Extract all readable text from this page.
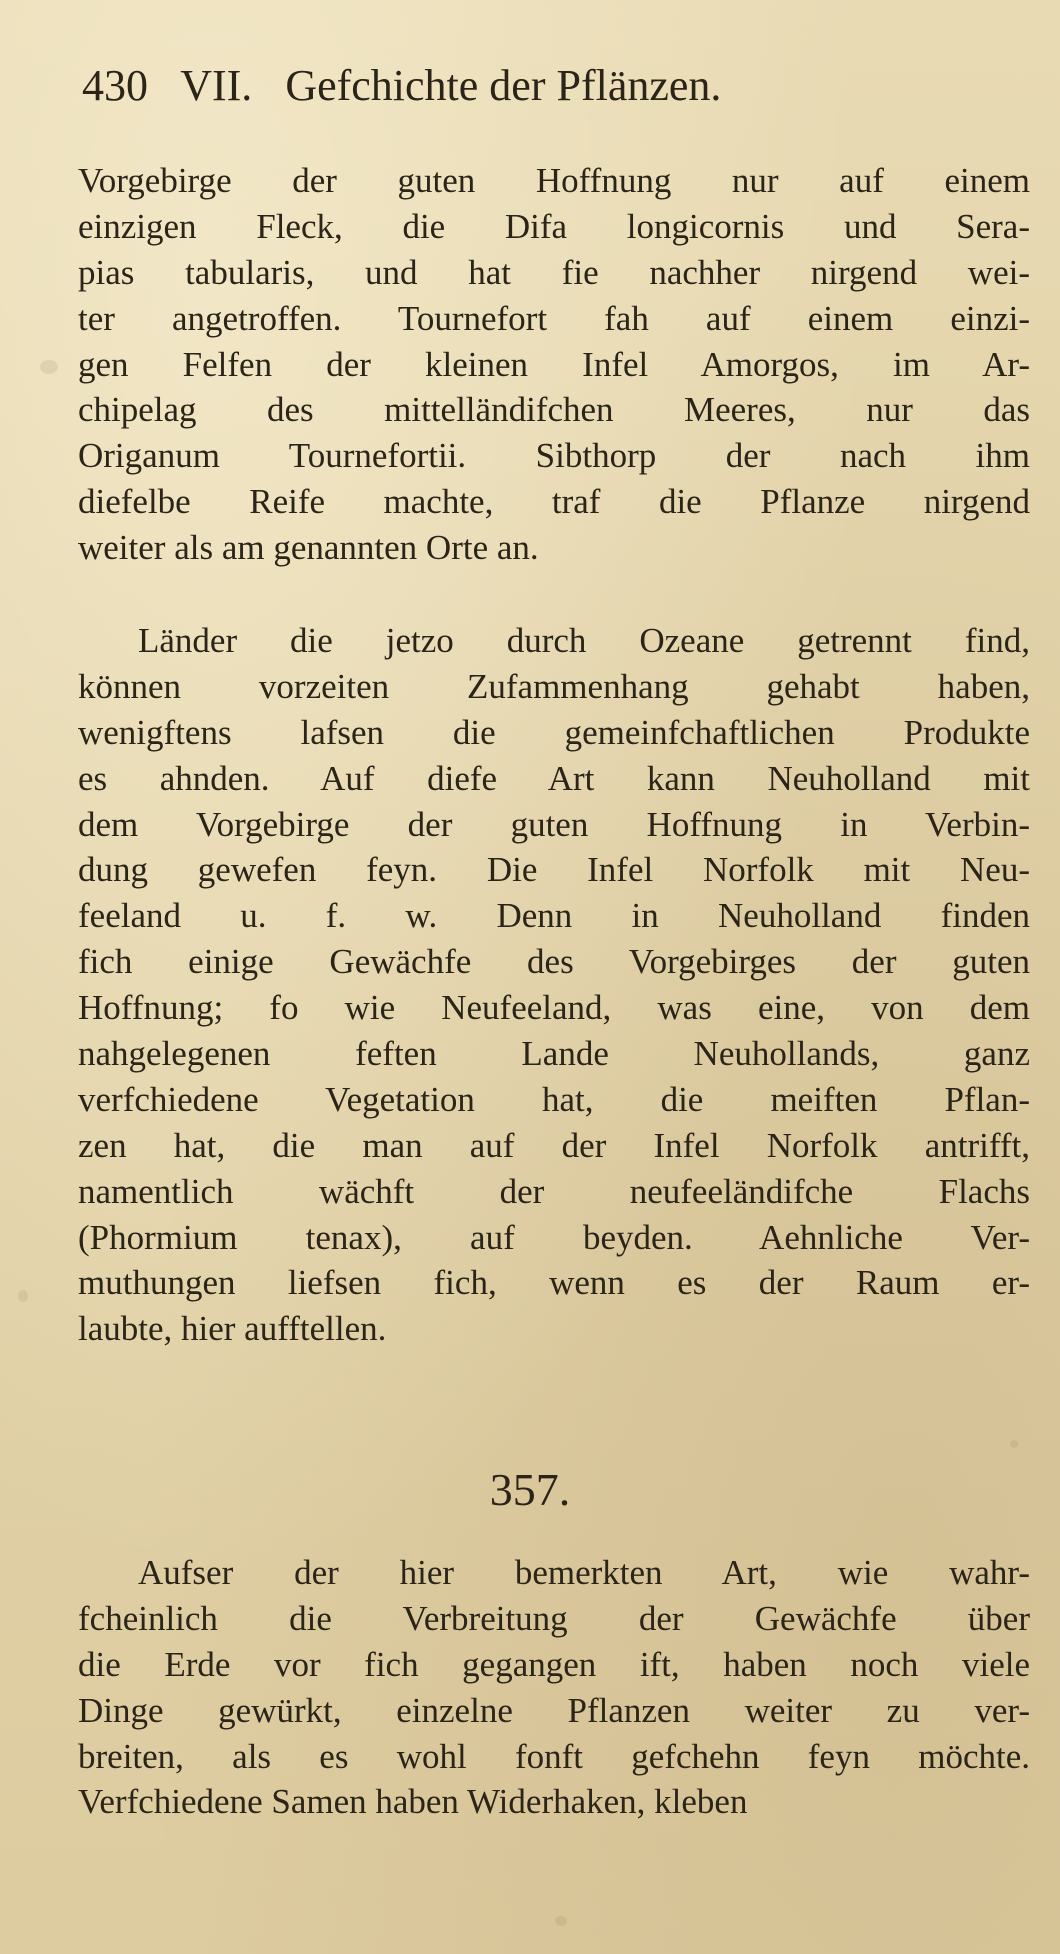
430 VII. Gefchichte der Pflänzen.
Vorgebirge der guten Hoffnung nur auf einem
einzigen Fleck, die Difa longicornis und Sera-
pias tabularis, und hat fie nachher nirgend wei-
ter angetroffen. Tournefort fah auf einem einzi-
gen Felfen der kleinen Infel Amorgos, im Ar-
chipelag des mittelländifchen Meeres, nur das
Origanum Tournefortii. Sibthorp der nach ihm
diefelbe Reife machte, traf die Pflanze nirgend
weiter als am genannten Orte an.
Länder die jetzo durch Ozeane getrennt find,
können vorzeiten Zufammenhang gehabt haben,
wenigftens lafsen die gemeinfchaftlichen Produkte
es ahnden. Auf diefe Art kann Neuholland mit
dem Vorgebirge der guten Hoffnung in Verbin-
dung gewefen feyn. Die Infel Norfolk mit Neu-
feeland u. f. w. Denn in Neuholland finden
fich einige Gewächfe des Vorgebirges der guten
Hoffnung; fo wie Neufeeland, was eine, von dem
nahgelegenen feften Lande Neuhollands, ganz
verfchiedene Vegetation hat, die meiften Pflan-
zen hat, die man auf der Infel Norfolk antrifft,
namentlich wächft der neufeeländifche Flachs
(Phormium tenax), auf beyden. Aehnliche Ver-
muthungen liefsen fich, wenn es der Raum er-
laubte, hier aufftellen.
357.
Aufser der hier bemerkten Art, wie wahr-
fcheinlich die Verbreitung der Gewächfe über
die Erde vor fich gegangen ift, haben noch viele
Dinge gewürkt, einzelne Pflanzen weiter zu ver-
breiten, als es wohl fonft gefchehn feyn möchte.
Verfchiedene Samen haben Widerhaken, kleben
